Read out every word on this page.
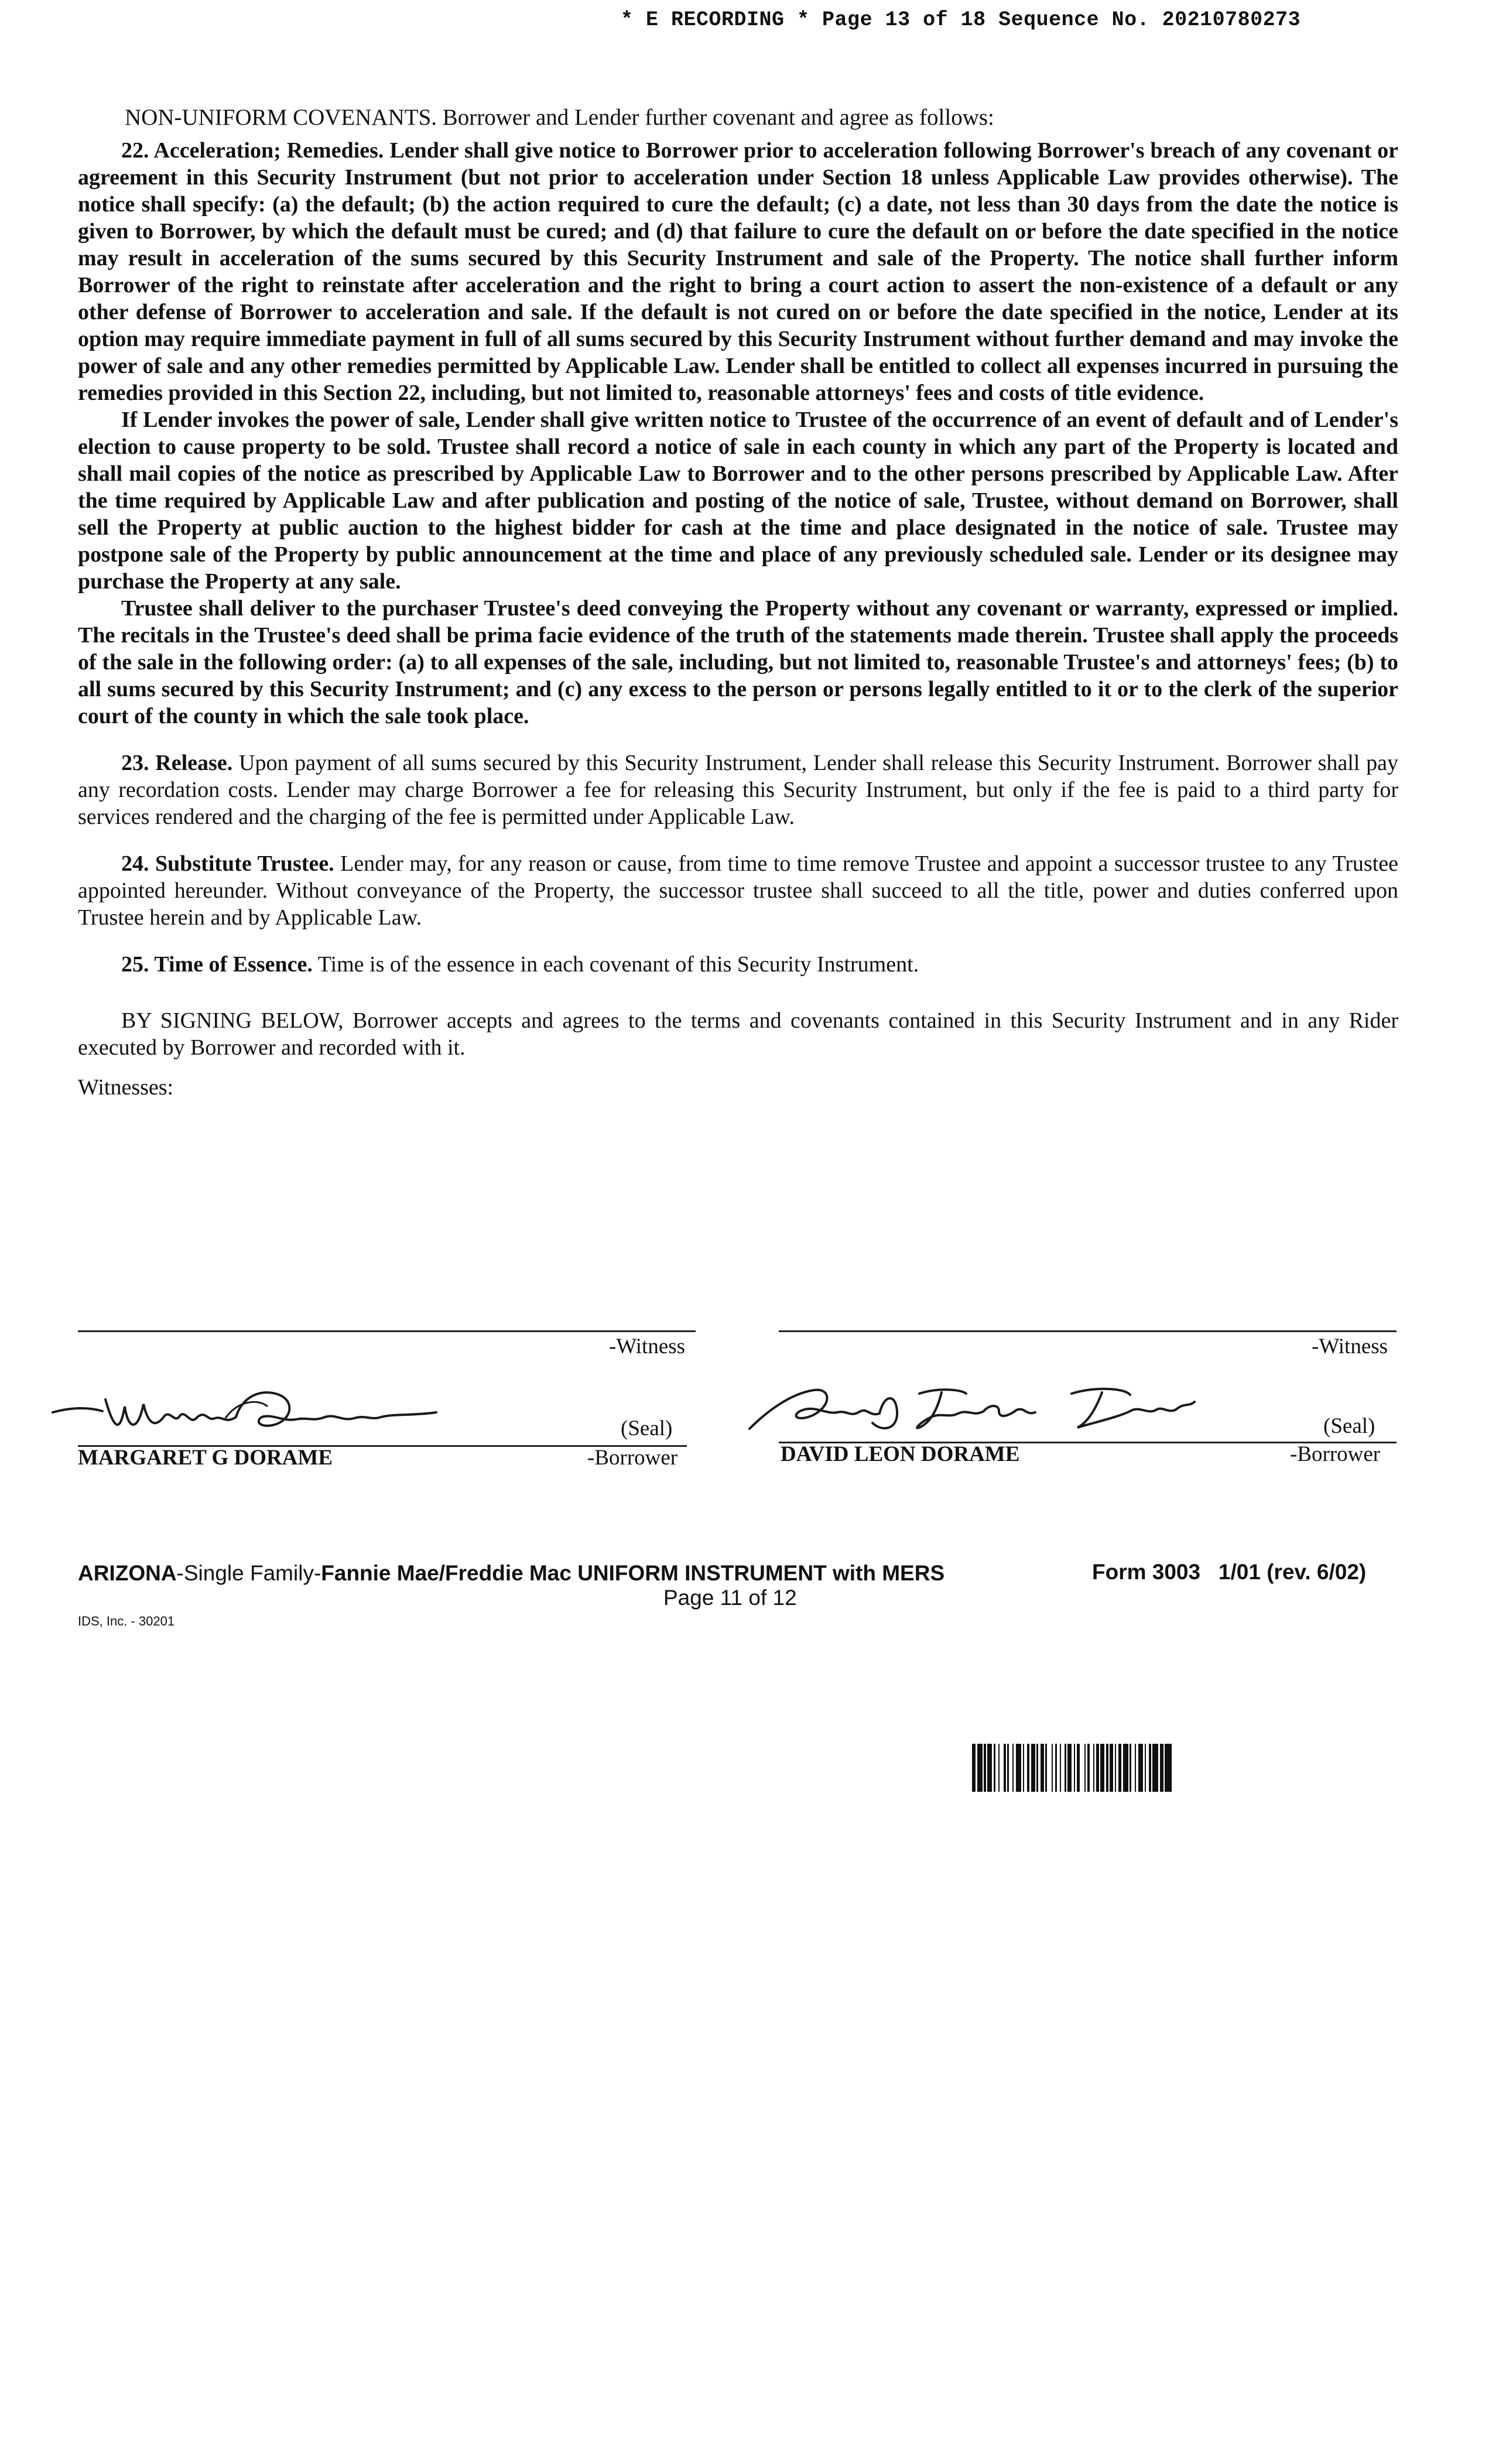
* E RECORDING * Page 13 of 18 Sequence No. 20210780273

NON-UNIFORM COVENANTS. Borrower and Lender further covenant and agree as follows:

22. Acceleration; Remedies. Lender shall give notice to Borrower prior to acceleration following Borrower's breach of any covenant or agreement in this Security Instrument (but not prior to acceleration under Section 18 unless Applicable Law provides otherwise). The notice shall specify: (a) the default; (b) the action required to cure the default; (c) a date, not less than 30 days from the date the notice is given to Borrower, by which the default must be cured; and (d) that failure to cure the default on or before the date specified in the notice may result in acceleration of the sums secured by this Security Instrument and sale of the Property. The notice shall further inform Borrower of the right to reinstate after acceleration and the right to bring a court action to assert the non-existence of a default or any other defense of Borrower to acceleration and sale. If the default is not cured on or before the date specified in the notice, Lender at its option may require immediate payment in full of all sums secured by this Security Instrument without further demand and may invoke the power of sale and any other remedies permitted by Applicable Law. Lender shall be entitled to collect all expenses incurred in pursuing the remedies provided in this Section 22, including, but not limited to, reasonable attorneys' fees and costs of title evidence.

If Lender invokes the power of sale, Lender shall give written notice to Trustee of the occurrence of an event of default and of Lender's election to cause property to be sold. Trustee shall record a notice of sale in each county in which any part of the Property is located and shall mail copies of the notice as prescribed by Applicable Law to Borrower and to the other persons prescribed by Applicable Law. After the time required by Applicable Law and after publication and posting of the notice of sale, Trustee, without demand on Borrower, shall sell the Property at public auction to the highest bidder for cash at the time and place designated in the notice of sale. Trustee may postpone sale of the Property by public announcement at the time and place of any previously scheduled sale. Lender or its designee may purchase the Property at any sale.

Trustee shall deliver to the purchaser Trustee's deed conveying the Property without any covenant or warranty, expressed or implied. The recitals in the Trustee's deed shall be prima facie evidence of the truth of the statements made therein. Trustee shall apply the proceeds of the sale in the following order: (a) to all expenses of the sale, including, but not limited to, reasonable Trustee's and attorneys' fees; (b) to all sums secured by this Security Instrument; and (c) any excess to the person or persons legally entitled to it or to the clerk of the superior court of the county in which the sale took place.

23. Release. Upon payment of all sums secured by this Security Instrument, Lender shall release this Security Instrument. Borrower shall pay any recordation costs. Lender may charge Borrower a fee for releasing this Security Instrument, but only if the fee is paid to a third party for services rendered and the charging of the fee is permitted under Applicable Law.

24. Substitute Trustee. Lender may, for any reason or cause, from time to time remove Trustee and appoint a successor trustee to any Trustee appointed hereunder. Without conveyance of the Property, the successor trustee shall succeed to all the title, power and duties conferred upon Trustee herein and by Applicable Law.

25. Time of Essence. Time is of the essence in each covenant of this Security Instrument.

BY SIGNING BELOW, Borrower accepts and agrees to the terms and covenants contained in this Security Instrument and in any Rider executed by Borrower and recorded with it.

Witnesses:

-Witness	-Witness
(Seal)
MARGARET G DORAME	-Borrower
(Seal)
DAVID LEON DORAME	-Borrower
ARIZONA-Single Family-Fannie Mae/Freddie Mac UNIFORM INSTRUMENT with MERS	Form 3003   1/01 (rev. 6/02)
Page 11 of 12
IDS, Inc. - 30201
